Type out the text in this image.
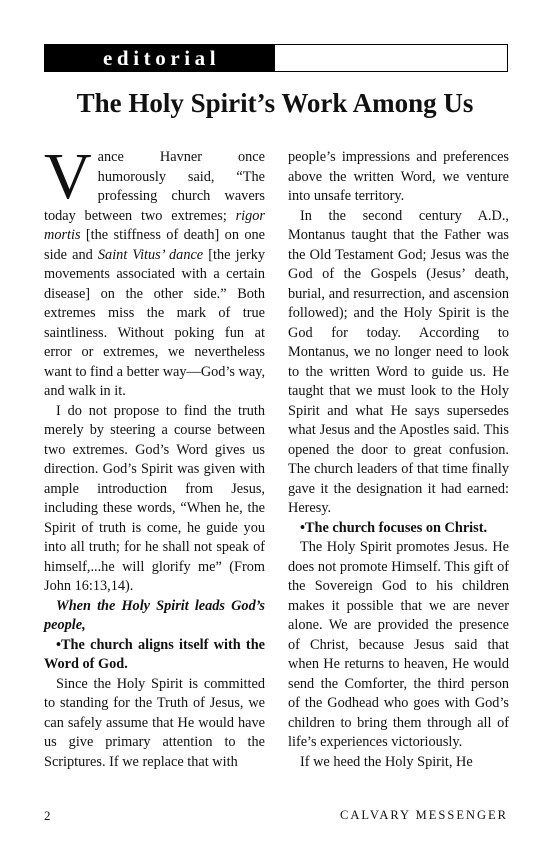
editorial
The Holy Spirit’s Work Among Us

Vance Havner once humorously said, “The professing church wavers today between two extremes; rigor mortis [the stiffness of death] on one side and Saint Vitus’ dance [the jerky movements associated with a certain disease] on the other side.” Both extremes miss the mark of true saintliness. Without poking fun at error or extremes, we nevertheless want to find a better way—God’s way, and walk in it.

I do not propose to find the truth merely by steering a course between two extremes. God’s Word gives us direction. God’s Spirit was given with ample introduction from Jesus, including these words, “When he, the Spirit of truth is come, he guide you into all truth; for he shall not speak of himself,...he will glorify me” (From John 16:13,14).

When the Holy Spirit leads God’s people,

•The church aligns itself with the Word of God.

Since the Holy Spirit is committed to standing for the Truth of Jesus, we can safely assume that He would have us give primary attention to the Scriptures. If we replace that with

people’s impressions and preferences above the written Word, we venture into unsafe territory.

In the second century A.D., Montanus taught that the Father was the Old Testament God; Jesus was the God of the Gospels (Jesus’ death, burial, and resurrection, and ascension followed); and the Holy Spirit is the God for today. According to Montanus, we no longer need to look to the written Word to guide us. He taught that we must look to the Holy Spirit and what He says supersedes what Jesus and the Apostles said. This opened the door to great confusion. The church leaders of that time finally gave it the designation it had earned: Heresy.

•The church focuses on Christ.

The Holy Spirit promotes Jesus. He does not promote Himself. This gift of the Sovereign God to his children makes it possible that we are never alone. We are provided the presence of Christ, because Jesus said that when He returns to heaven, He would send the Comforter, the third person of the Godhead who goes with God’s children to bring them through all of life’s experiences victoriously.

If we heed the Holy Spirit, He

2	CALVARY MESSENGER
